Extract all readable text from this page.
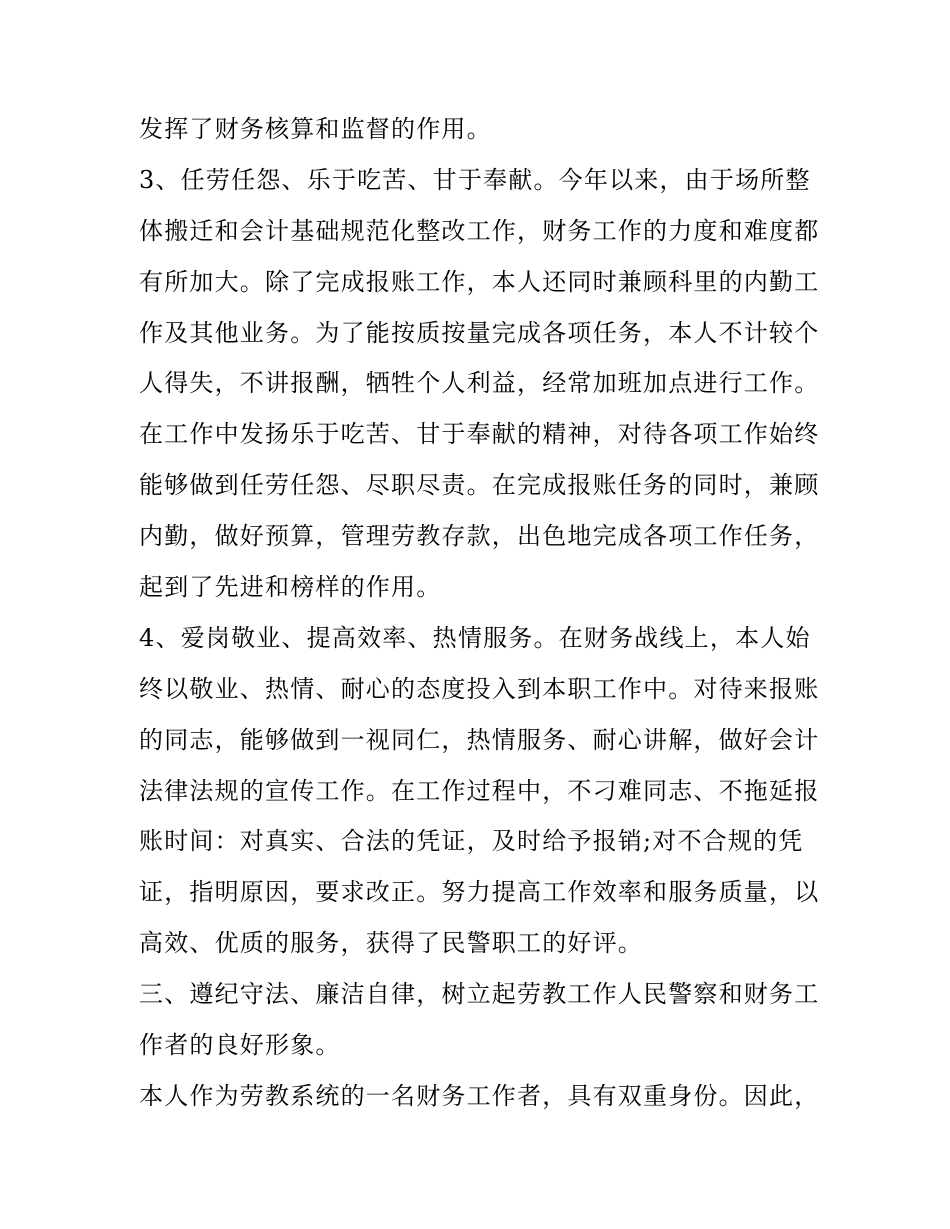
发挥了财务核算和监督的作用。
3、任劳任怨、乐于吃苦、甘于奉献。今年以来，由于场所整
体搬迁和会计基础规范化整改工作，财务工作的力度和难度都
有所加大。除了完成报账工作，本人还同时兼顾科里的内勤工
作及其他业务。为了能按质按量完成各项任务，本人不计较个
人得失，不讲报酬，牺牲个人利益，经常加班加点进行工作。
在工作中发扬乐于吃苦、甘于奉献的精神，对待各项工作始终
能够做到任劳任怨、尽职尽责。在完成报账任务的同时，兼顾
内勤，做好预算，管理劳教存款，出色地完成各项工作任务，
起到了先进和榜样的作用。
4、爱岗敬业、提高效率、热情服务。在财务战线上，本人始
终以敬业、热情、耐心的态度投入到本职工作中。对待来报账
的同志，能够做到一视同仁，热情服务、耐心讲解，做好会计
法律法规的宣传工作。在工作过程中，不刁难同志、不拖延报
账时间：对真实、合法的凭证，及时给予报销;对不合规的凭
证，指明原因，要求改正。努力提高工作效率和服务质量，以
高效、优质的服务，获得了民警职工的好评。
三、遵纪守法、廉洁自律，树立起劳教工作人民警察和财务工
作者的良好形象。
本人作为劳教系统的一名财务工作者，具有双重身份。因此，
